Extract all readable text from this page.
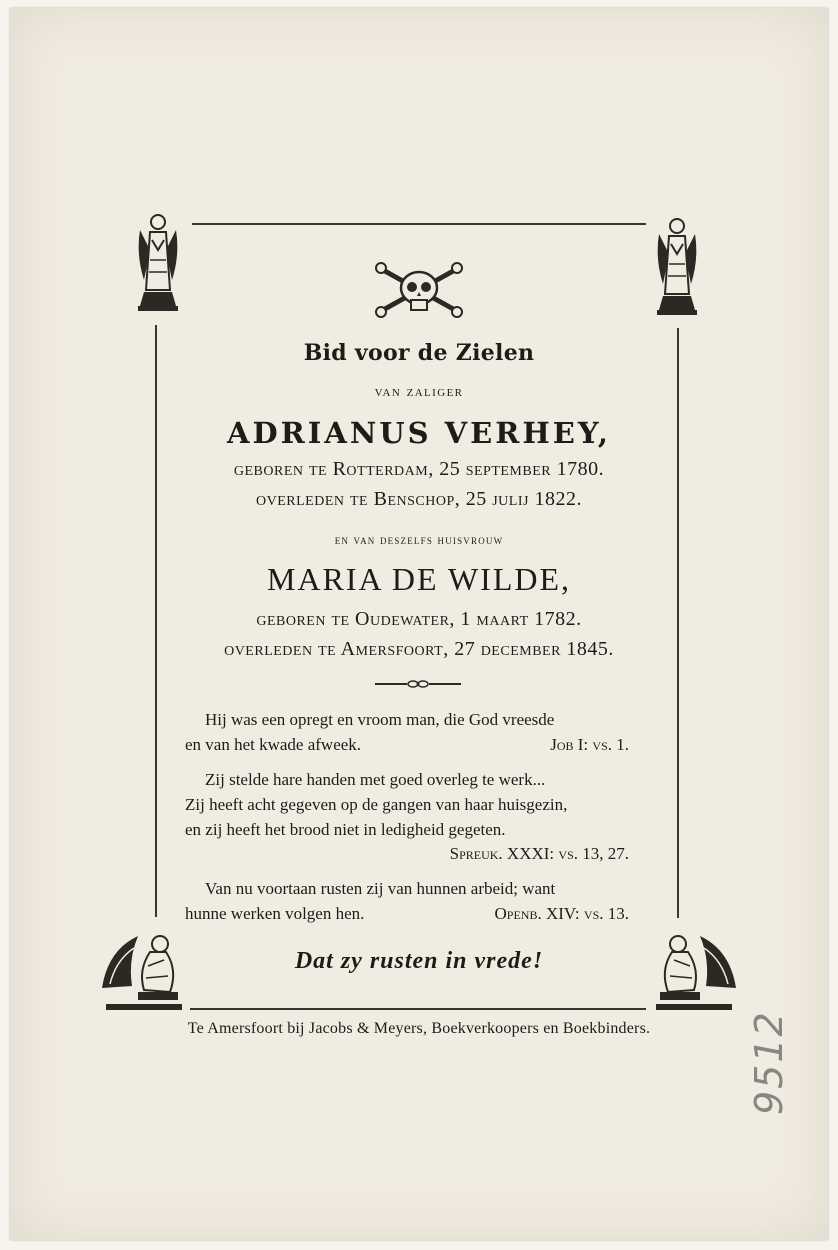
Bid voor de Zielen
van zaliger
ADRIANUS VERHEY,
geboren te Rotterdam, 25 september 1780.
overleden te Benschop, 25 julij 1822.
en van deszelfs huisvrouw
MARIA DE WILDE,
geboren te Oudewater, 1 maart 1782.
overleden te Amersfoort, 27 december 1845.
Hij was een opregt en vroom man, die God vreesde
en van het kwade afweek.	Job I: vs. 1.
Zij stelde hare handen met goed overleg te werk...
Zij heeft acht gegeven op de gangen van haar huisgezin,
en zij heeft het brood niet in ledigheid gegeten.
Spreuk. XXXI: vs. 13, 27.
Van nu voortaan rusten zij van hunnen arbeid; want
hunne werken volgen hen.	Openb. XIV: vs. 13.
Dat zy rusten in vrede!
Te Amersfoort bij Jacobs & Meyers, Boekverkoopers en Boekbinders.	9512
